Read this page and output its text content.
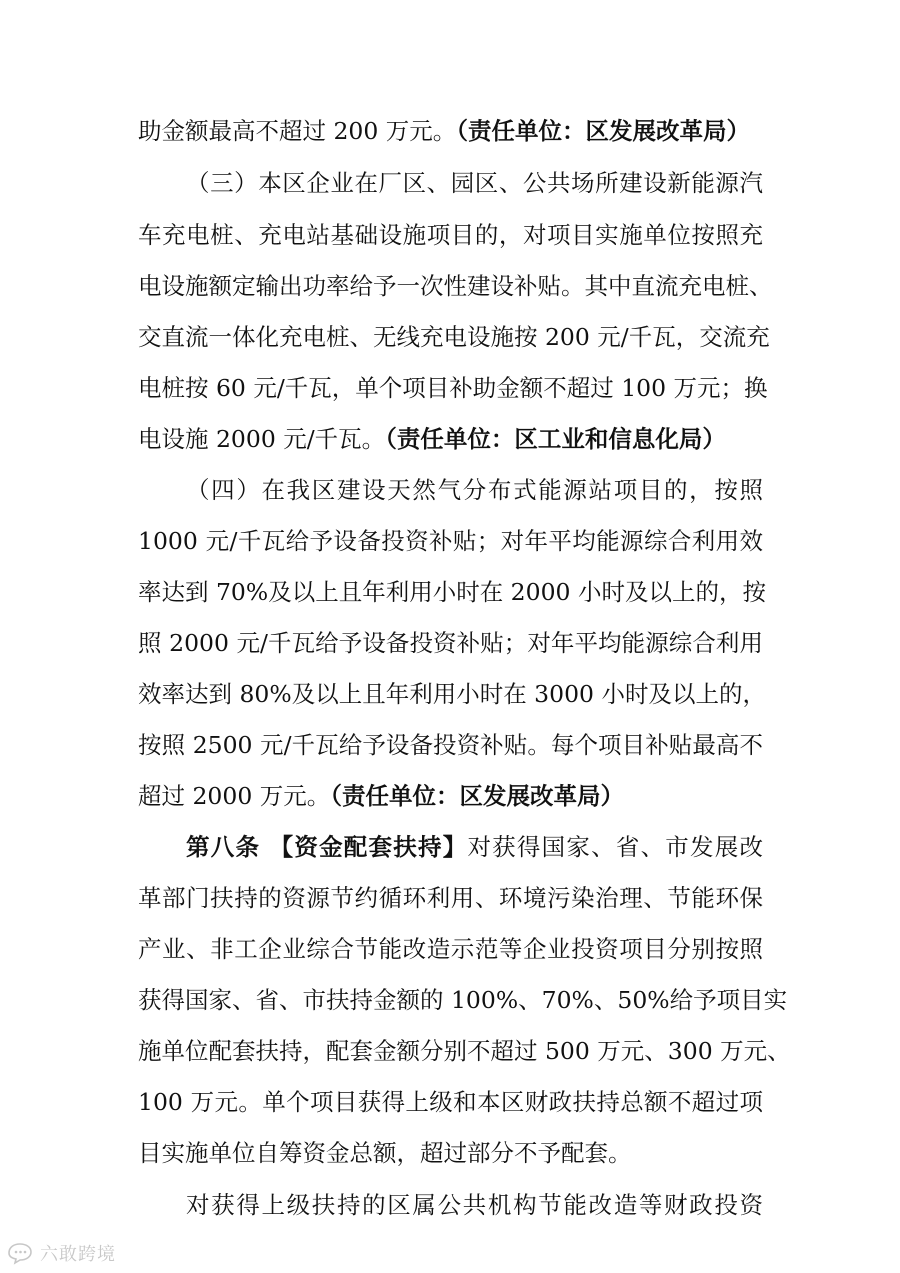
助金额最高不超过 200 万元。（责任单位：区发展改革局）
（三）本区企业在厂区、园区、公共场所建设新能源汽
车充电桩、充电站基础设施项目的，对项目实施单位按照充
电设施额定输出功率给予一次性建设补贴。其中直流充电桩、
交直流一体化充电桩、无线充电设施按 200 元/千瓦，交流充
电桩按 60 元/千瓦，单个项目补助金额不超过 100 万元；换
电设施 2000 元/千瓦。（责任单位：区工业和信息化局）
（四）在我区建设天然气分布式能源站项目的，按照
1000 元/千瓦给予设备投资补贴；对年平均能源综合利用效
率达到 70%及以上且年利用小时在 2000 小时及以上的，按
照 2000 元/千瓦给予设备投资补贴；对年平均能源综合利用
效率达到 80%及以上且年利用小时在 3000 小时及以上的，
按照 2500 元/千瓦给予设备投资补贴。每个项目补贴最高不
超过 2000 万元。（责任单位：区发展改革局）
第八条 【资金配套扶持】对获得国家、省、市发展改
革部门扶持的资源节约循环利用、环境污染治理、节能环保
产业、非工企业综合节能改造示范等企业投资项目分别按照
获得国家、省、市扶持金额的 100%、70%、50%给予项目实
施单位配套扶持，配套金额分别不超过 500 万元、300 万元、
100 万元。单个项目获得上级和本区财政扶持总额不超过项
目实施单位自筹资金总额，超过部分不予配套。
对获得上级扶持的区属公共机构节能改造等财政投资
六敢跨境
